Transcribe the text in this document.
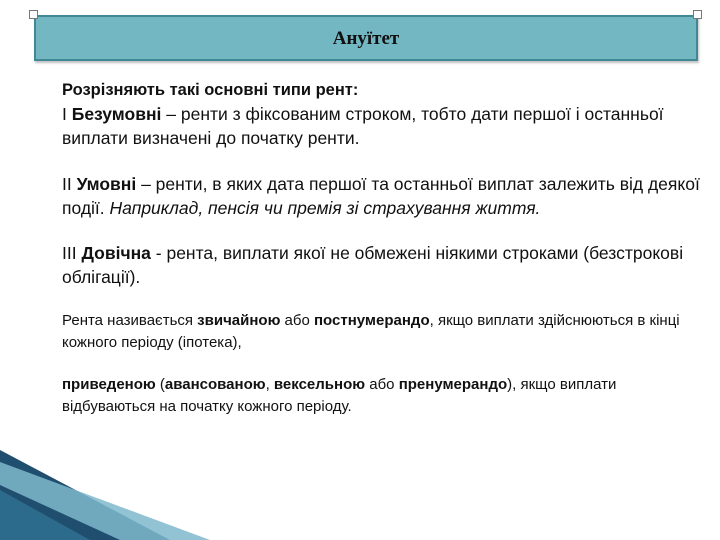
Ануїтет

Розрізняють такі основні типи рент:

І Безумовні – ренти з фіксованим строком, тобто дати першої і останньої виплати визначені до початку ренти.

ІІ Умовні – ренти, в яких дата першої та останньої виплат залежить від деякої події. Наприклад, пенсія чи премія зі страхування життя.

ІІІ Довічна - рента, виплати якої не обмежені ніякими строками (безстрокові облігації).

Рента називається звичайною або постнумерандо, якщо виплати здійснюються в кінці кожного періоду (іпотека),

приведеною (авансованою, вексельною або пренумерандо), якщо виплати відбуваються на початку кожного періоду.
